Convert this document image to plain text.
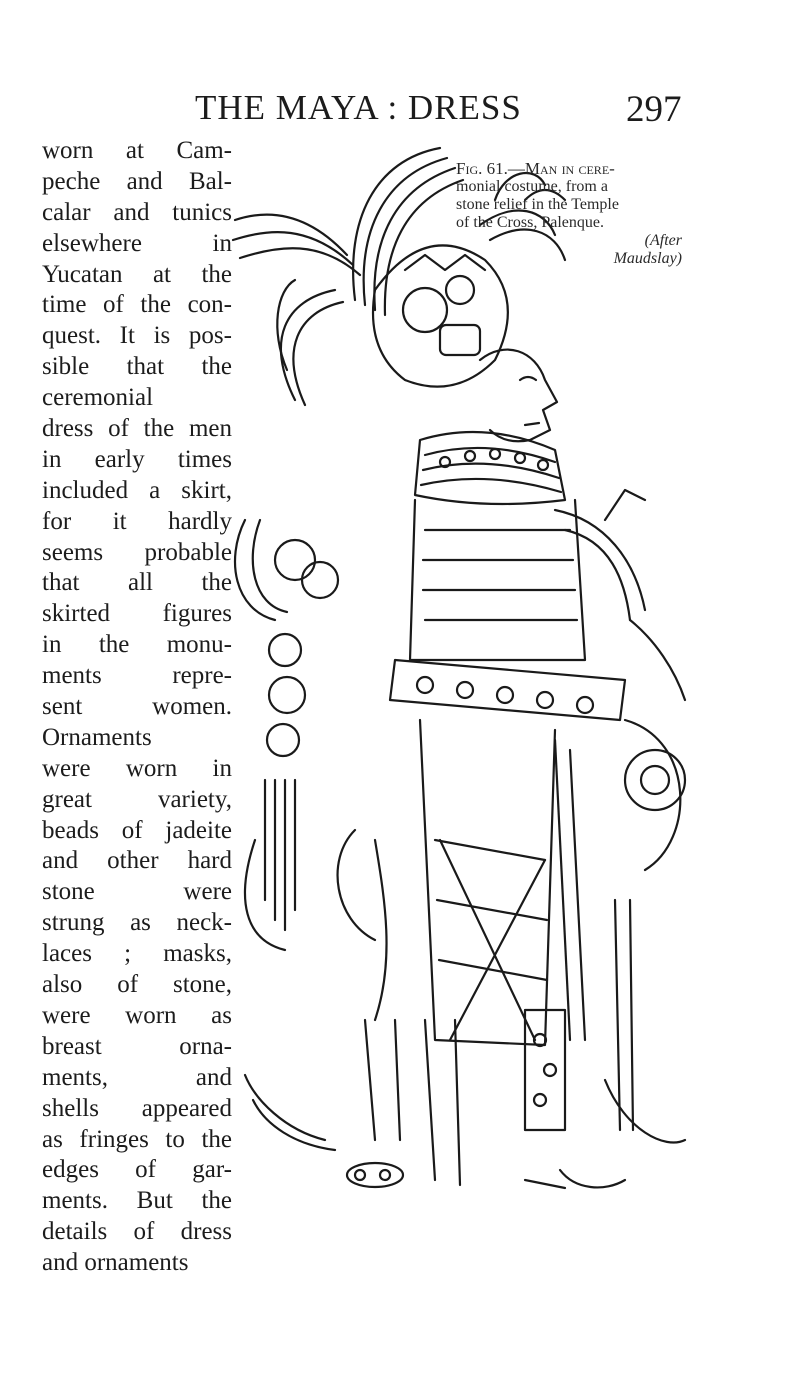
THE MAYA : DRESS	297
worn at Cam-
peche and Bal-
calar and tunics
elsewhere in
Yucatan at the
time of the con-
quest. It is pos-
sible that the
ceremonial
dress of the men
in early times
included a skirt,
for it hardly
seems probable
that all the
skirted figures
in the monu-
ments repre-
sent women.
Ornaments
were worn in
great variety,
beads of jadeite
and other hard
stone were
strung as neck-
laces ; masks,
also of stone,
were worn as
breast orna-
ments, and
shells appeared
as fringes to the
edges of gar-
ments. But the
details of dress
and ornaments
Fig. 61.—Man in cere-
monial costume, from a
stone relief in the Temple
of the Cross, Palenque.
(After
Maudslay)
